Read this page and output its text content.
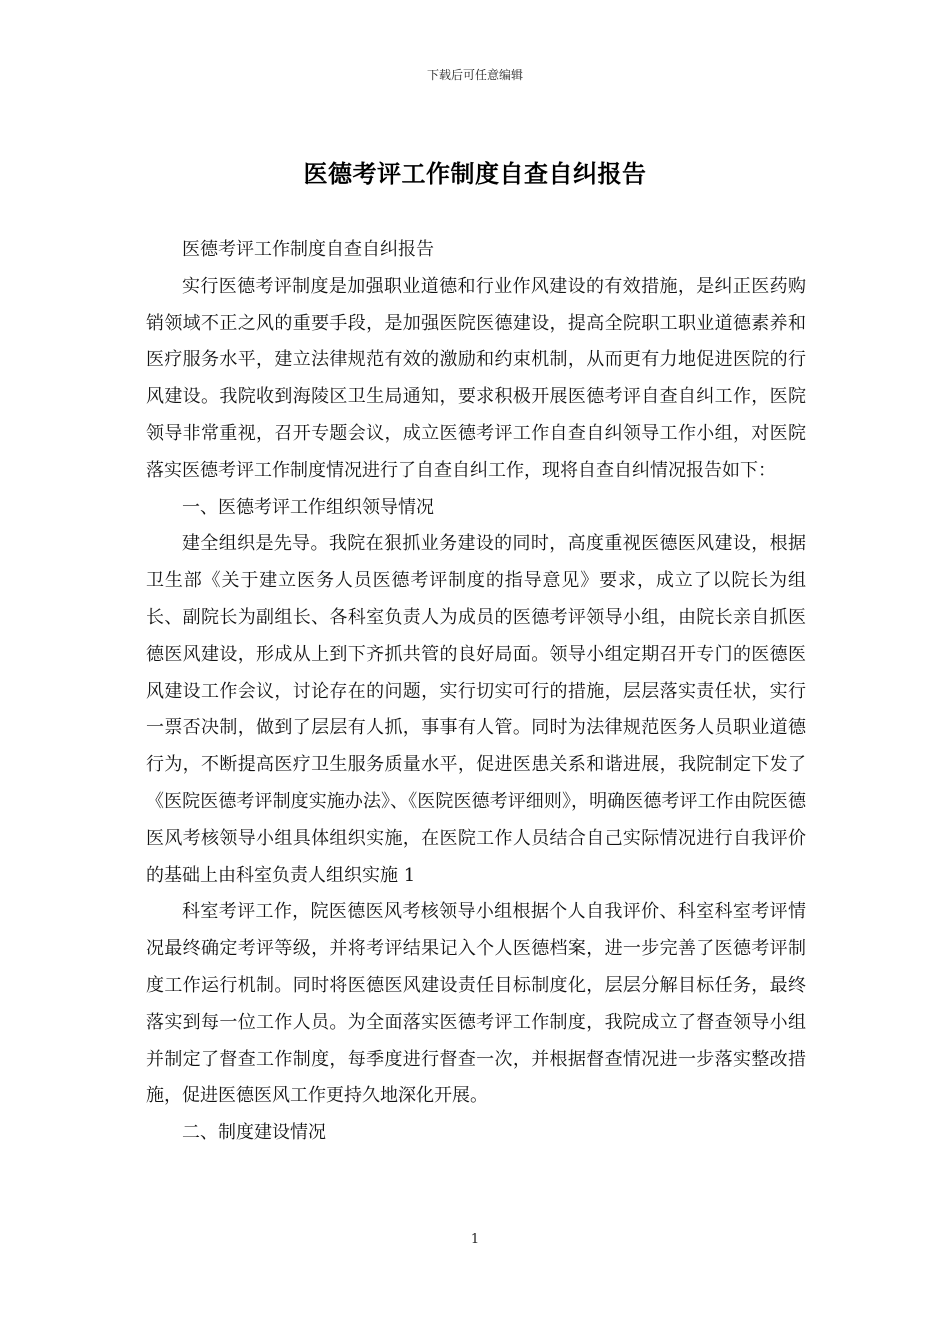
下载后可任意编辑
医德考评工作制度自查自纠报告

医德考评工作制度自查自纠报告

实行医德考评制度是加强职业道德和行业作风建设的有效措施，是纠正医药购销领域不正之风的重要手段，是加强医院医德建设，提高全院职工职业道德素养和医疗服务水平，建立法律规范有效的激励和约束机制，从而更有力地促进医院的行风建设。我院收到海陵区卫生局通知，要求积极开展医德考评自查自纠工作，医院领导非常重视，召开专题会议，成立医德考评工作自查自纠领导工作小组，对医院落实医德考评工作制度情况进行了自查自纠工作，现将自查自纠情况报告如下：

一、医德考评工作组织领导情况

建全组织是先导。我院在狠抓业务建设的同时，高度重视医德医风建设，根据卫生部《关于建立医务人员医德考评制度的指导意见》要求，成立了以院长为组长、副院长为副组长、各科室负责人为成员的医德考评领导小组，由院长亲自抓医德医风建设，形成从上到下齐抓共管的良好局面。领导小组定期召开专门的医德医风建设工作会议，讨论存在的问题，实行切实可行的措施，层层落实责任状，实行一票否决制，做到了层层有人抓，事事有人管。同时为法律规范医务人员职业道德行为，不断提高医疗卫生服务质量水平，促进医患关系和谐进展，我院制定下发了《医院医德考评制度实施办法》、《医院医德考评细则》，明确医德考评工作由院医德医风考核领导小组具体组织实施，在医院工作人员结合自己实际情况进行自我评价的基础上由科室负责人组织实施 1

科室考评工作，院医德医风考核领导小组根据个人自我评价、科室科室考评情况最终确定考评等级，并将考评结果记入个人医德档案，进一步完善了医德考评制度工作运行机制。同时将医德医风建设责任目标制度化，层层分解目标任务，最终落实到每一位工作人员。为全面落实医德考评工作制度，我院成立了督查领导小组并制定了督查工作制度，每季度进行督查一次，并根据督查情况进一步落实整改措施，促进医德医风工作更持久地深化开展。

二、制度建设情况

1
